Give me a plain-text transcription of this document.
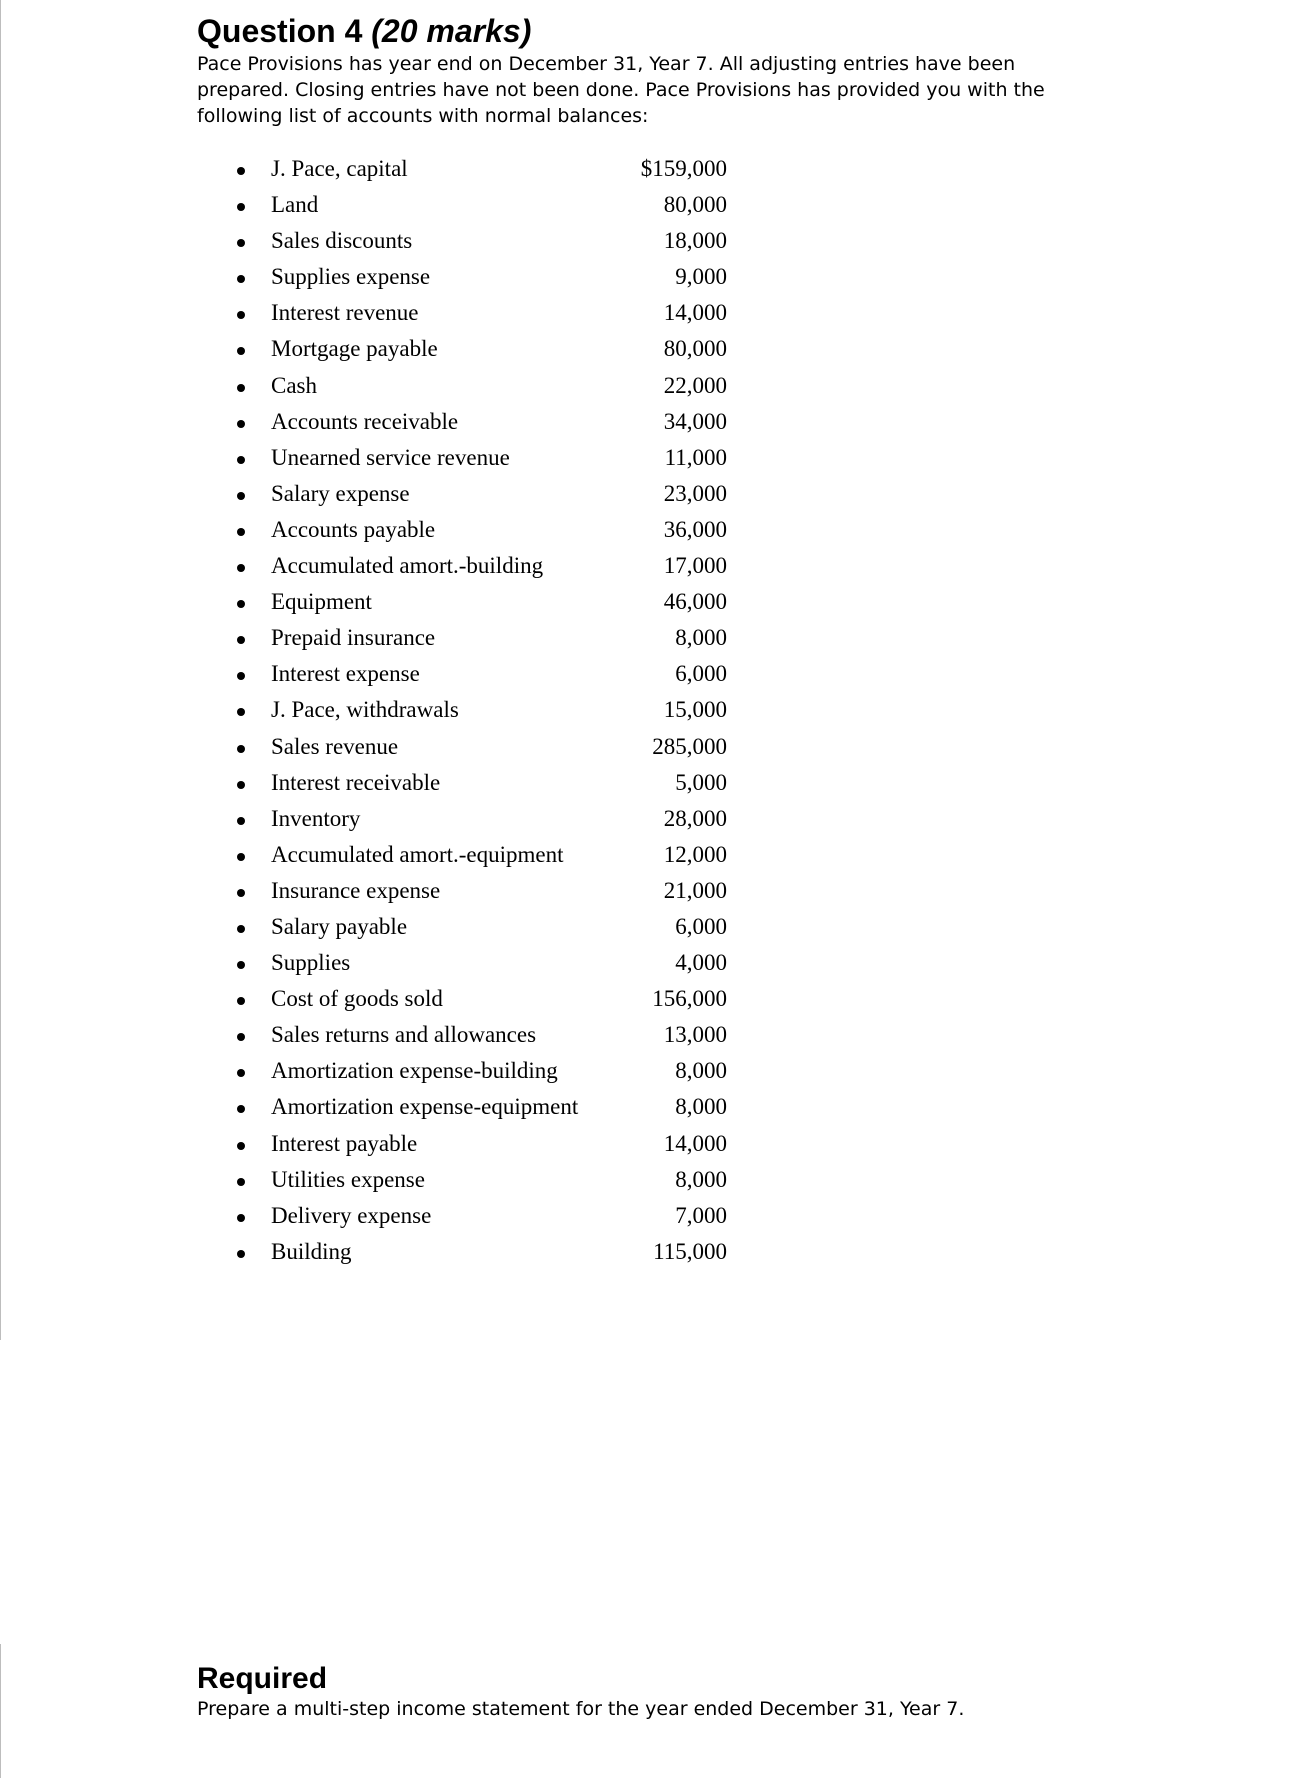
Question 4 (20 marks)

Pace Provisions has year end on December 31, Year 7. All adjusting entries have been prepared. Closing entries have not been done. Pace Provisions has provided you with the following list of accounts with normal balances:

J. Pace, capital	$159,000
Land	80,000
Sales discounts	18,000
Supplies expense	9,000
Interest revenue	14,000
Mortgage payable	80,000
Cash	22,000
Accounts receivable	34,000
Unearned service revenue	11,000
Salary expense	23,000
Accounts payable	36,000
Accumulated amort.-building	17,000
Equipment	46,000
Prepaid insurance	8,000
Interest expense	6,000
J. Pace, withdrawals	15,000
Sales revenue	285,000
Interest receivable	5,000
Inventory	28,000
Accumulated amort.-equipment	12,000
Insurance expense	21,000
Salary payable	6,000
Supplies	4,000
Cost of goods sold	156,000
Sales returns and allowances	13,000
Amortization expense-building	8,000
Amortization expense-equipment	8,000
Interest payable	14,000
Utilities expense	8,000
Delivery expense	7,000
Building	115,000
Required

Prepare a multi-step income statement for the year ended December 31, Year 7.
